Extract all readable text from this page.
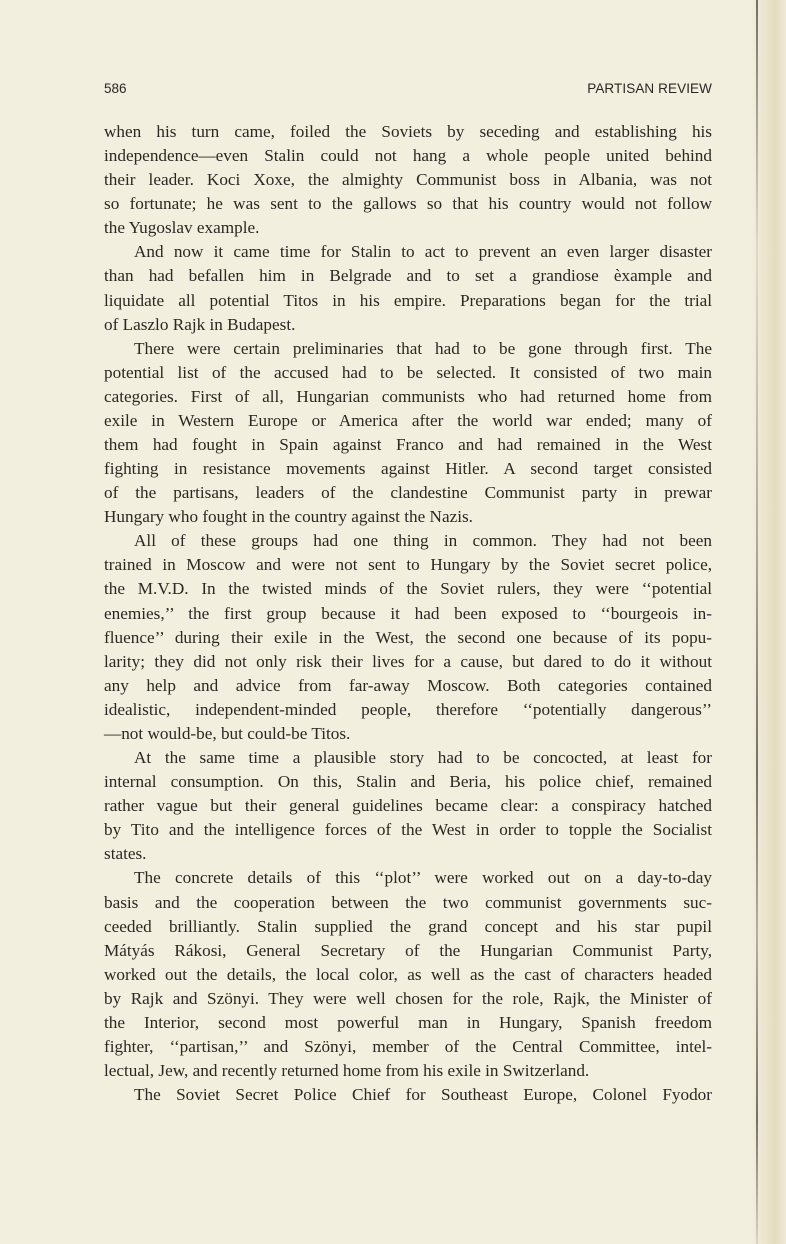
586	PARTISAN REVIEW
when his turn came, foiled the Soviets by seceding and establishing his
independence—even Stalin could not hang a whole people united behind
their leader. Koci Xoxe, the almighty Communist boss in Albania, was not
so fortunate; he was sent to the gallows so that his country would not follow
the Yugoslav example.
And now it came time for Stalin to act to prevent an even larger disaster
than had befallen him in Belgrade and to set a grandiose èxample and
liquidate all potential Titos in his empire. Preparations began for the trial
of Laszlo Rajk in Budapest.
There were certain preliminaries that had to be gone through first. The
potential list of the accused had to be selected. It consisted of two main
categories. First of all, Hungarian communists who had returned home from
exile in Western Europe or America after the world war ended; many of
them had fought in Spain against Franco and had remained in the West
fighting in resistance movements against Hitler. A second target consisted
of the partisans, leaders of the clandestine Communist party in prewar
Hungary who fought in the country against the Nazis.
All of these groups had one thing in common. They had not been
trained in Moscow and were not sent to Hungary by the Soviet secret police,
the M.V.D. In the twisted minds of the Soviet rulers, they were ‘‘potential
enemies,’’ the first group because it had been exposed to ‘‘bourgeois in-
fluence’’ during their exile in the West, the second one because of its popu-
larity; they did not only risk their lives for a cause, but dared to do it without
any help and advice from far-away Moscow. Both categories contained
idealistic, independent-minded people, therefore ‘‘potentially dangerous’’
—not would-be, but could-be Titos.
At the same time a plausible story had to be concocted, at least for
internal consumption. On this, Stalin and Beria, his police chief, remained
rather vague but their general guidelines became clear: a conspiracy hatched
by Tito and the intelligence forces of the West in order to topple the Socialist
states.
The concrete details of this ‘‘plot’’ were worked out on a day-to-day
basis and the cooperation between the two communist governments suc-
ceeded brilliantly. Stalin supplied the grand concept and his star pupil
Mátyás Rákosi, General Secretary of the Hungarian Communist Party,
worked out the details, the local color, as well as the cast of characters headed
by Rajk and Szönyi. They were well chosen for the role, Rajk, the Minister of
the Interior, second most powerful man in Hungary, Spanish freedom
fighter, ‘‘partisan,’’ and Szönyi, member of the Central Committee, intel-
lectual, Jew, and recently returned home from his exile in Switzerland.
The Soviet Secret Police Chief for Southeast Europe, Colonel Fyodor
